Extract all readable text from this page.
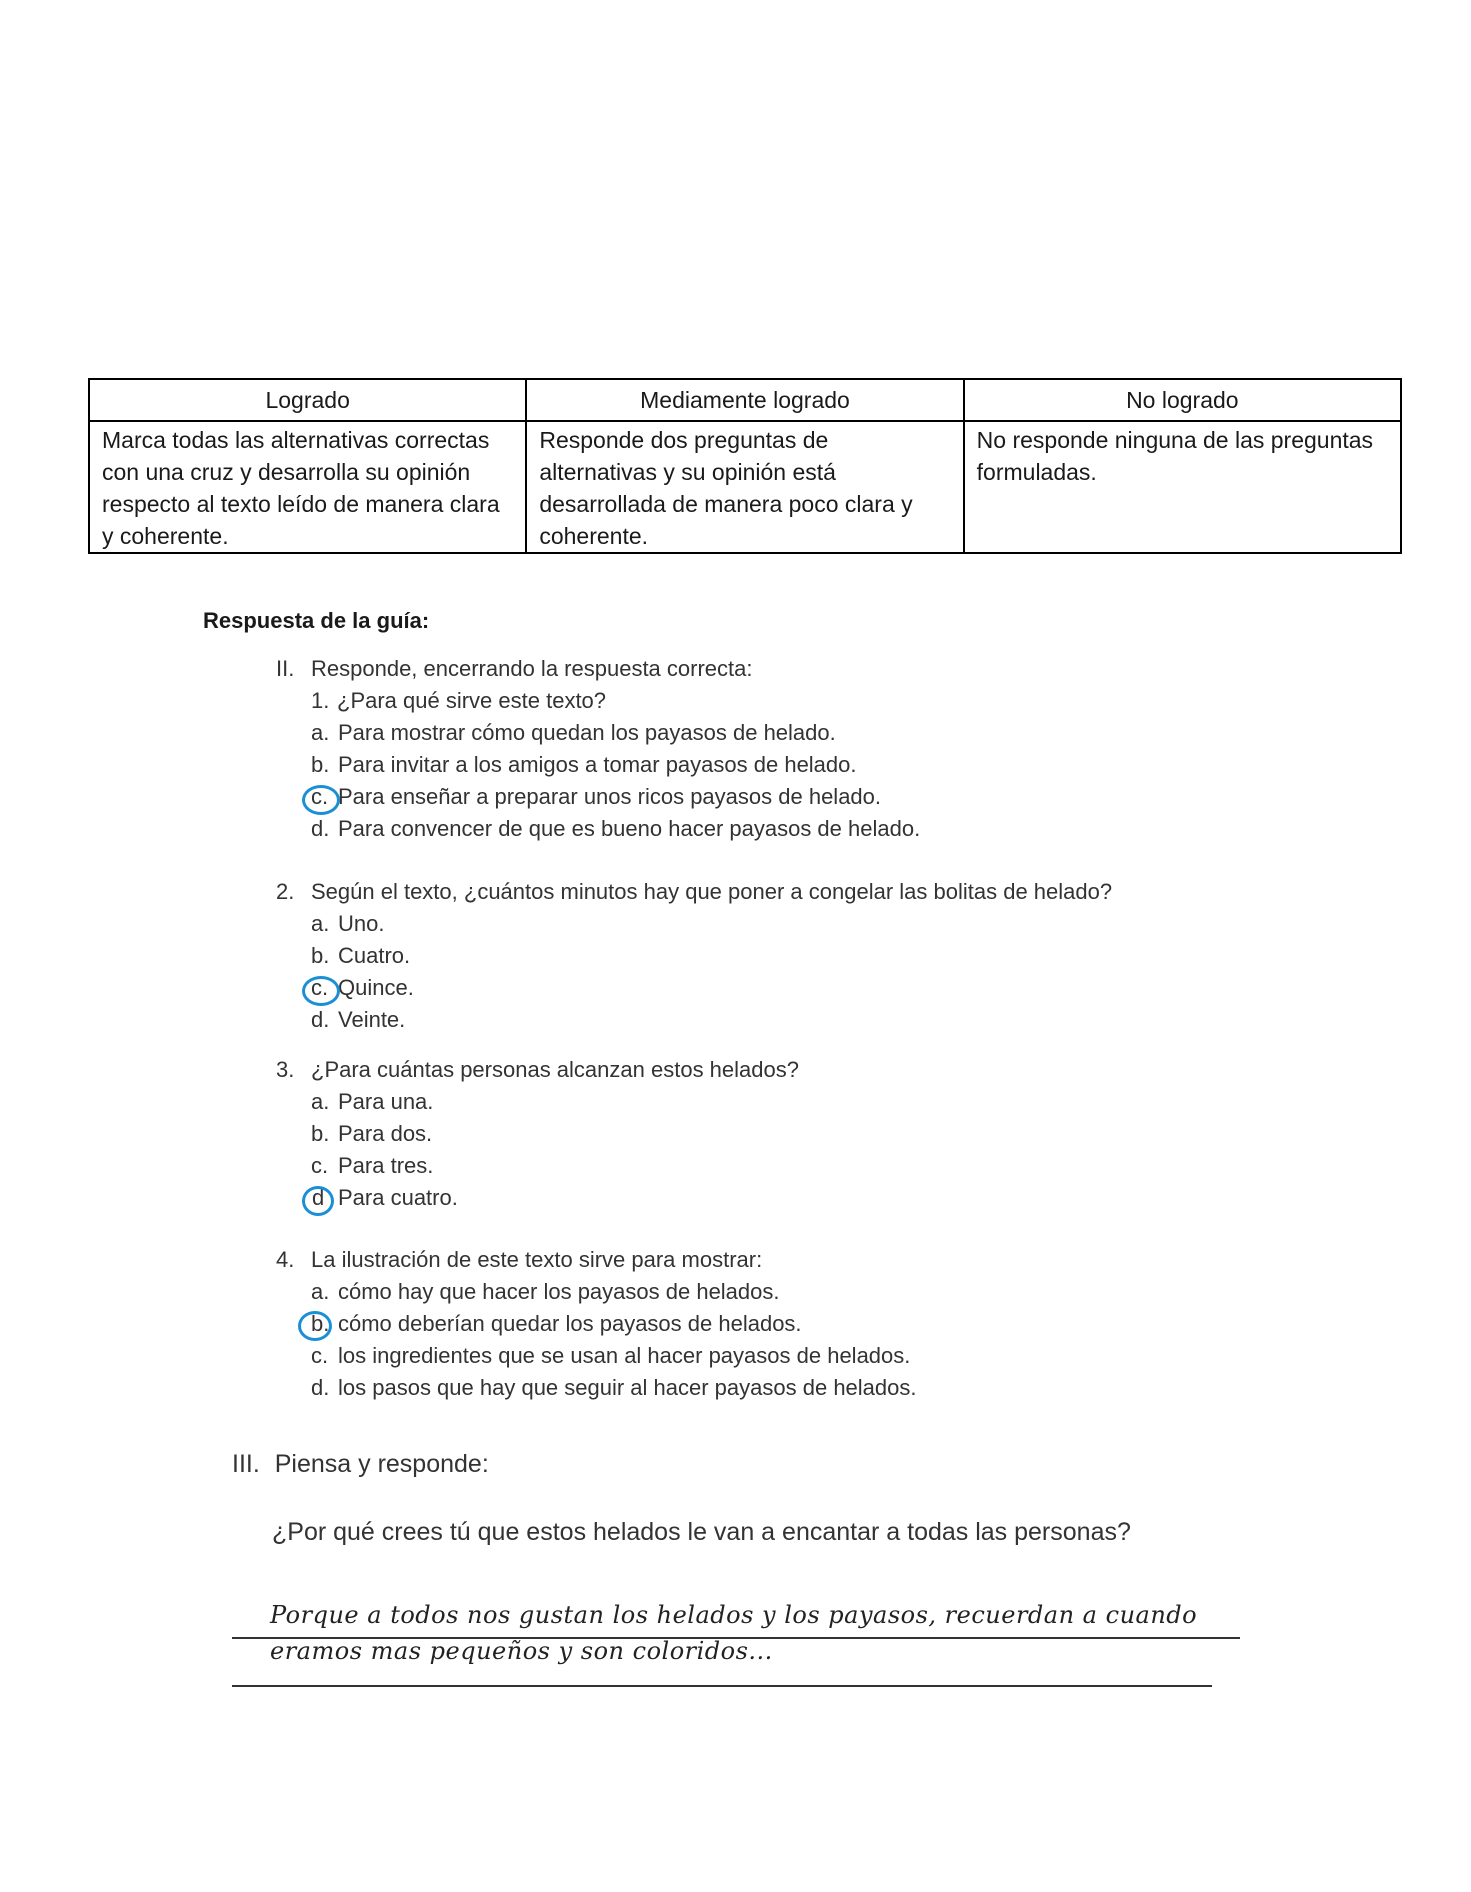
Logrado	Mediamente logrado	No logrado
Marca todas las alternativas correctas con una cruz y desarrolla su opinión respecto al texto leído de manera clara y coherente.	Responde dos preguntas de alternativas y su opinión está desarrollada de manera poco clara y coherente.	No responde ninguna de las preguntas formuladas.
Respuesta de la guía:
II. Responde, encerrando la respuesta correcta:
1. ¿Para qué sirve este texto?
a. Para mostrar cómo quedan los payasos de helado.
b. Para invitar a los amigos a tomar payasos de helado.
c. Para enseñar a preparar unos ricos payasos de helado.
d. Para convencer de que es bueno hacer payasos de helado.
2. Según el texto, ¿cuántos minutos hay que poner a congelar las bolitas de helado?
a. Uno.
b. Cuatro.
c. Quince.
d. Veinte.
3. ¿Para cuántas personas alcanzan estos helados?
a. Para una.
b. Para dos.
c. Para tres.
d Para cuatro.
4. La ilustración de este texto sirve para mostrar:
a. cómo hay que hacer los payasos de helados.
b. cómo deberían quedar los payasos de helados.
c. los ingredientes que se usan al hacer payasos de helados.
d. los pasos que hay que seguir al hacer payasos de helados.
III. Piensa y responde:
¿Por qué crees tú que estos helados le van a encantar a todas las personas?
Porque a todos nos gustan los helados y los payasos, recuerdan a cuando
eramos mas pequeños y son coloridos...
